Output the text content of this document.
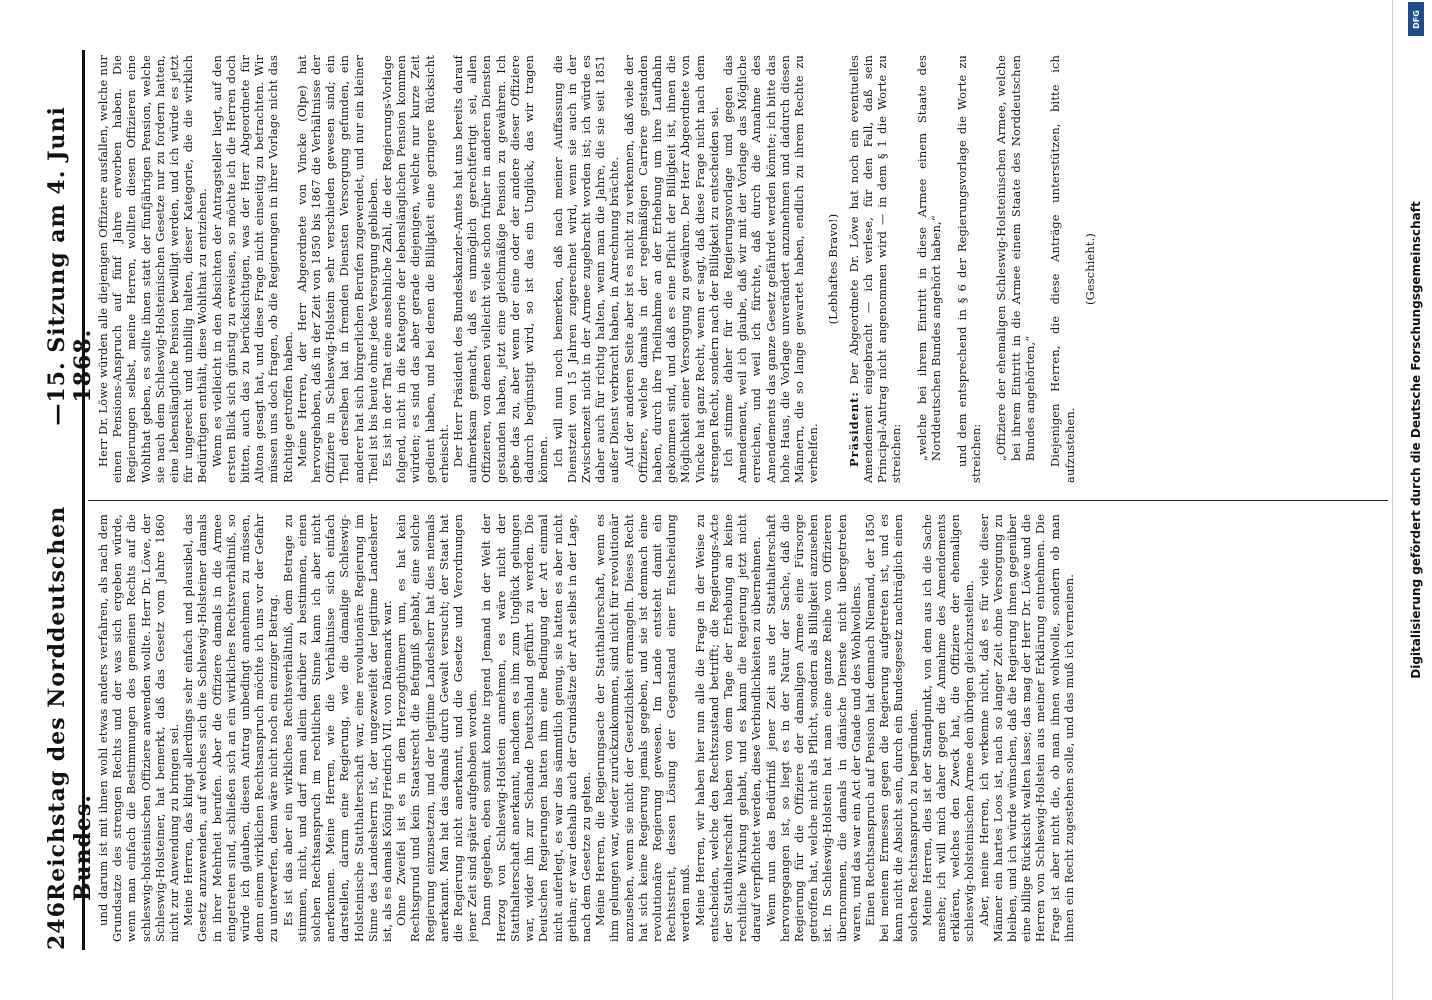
246
Reichstag des Norddeutschen Bundes.
—
15. Sitzung am 4. Juni 1868.

und darum ist mit ihnen wohl etwas anders verfahren, als nach dem Grundsatze des strengen Rechts und der was sich ergeben würde, wenn man einfach die Bestimmungen des gemeinen Rechts auf die schleswig-holsteinischen Offiziere anwenden wollte. Herr Dr. Löwe, der Schleswig-Holsteiner, hat bemerkt, daß das Gesetz vom Jahre 1860 nicht zur Anwendung zu bringen sei. Meine Herren, das klingt allerdings sehr einfach und plausibel, das Gesetz anzuwenden, auf welches sich die Schleswig-Holsteiner damals in ihrer Mehrheit berufen. Aber die Offiziere damals in die Armee eingetreten sind, schließen sich an ein wirkliches Rechtsverhältniß, so würde ich glauben, diesen Antrag unbedingt annehmen zu müssen, denn einem wirklichen Rechtsanspruch möchte ich uns vor der Gefahr zu unterwerfen, denn wäre nicht noch ein einziger Betrag. Es ist das aber ein wirkliches Rechtsverhältniß, dem Betrage zu stimmen, nicht, und darf man allein darüber zu bestimmen, einen solchen Rechtsanspruch im rechtlichen Sinne kann ich aber nicht anerkennen. Meine Herren, wie die Verhältnisse sich einfach darstellen, darum eine Regierung, wie die damalige Schleswig-Holsteinische Statthalterschaft war, eine revolutionäre Regierung im Sinne des Landesherrn ist, der ungezweifelt der legitime Landesherr ist, als es damals König Friedrich VII. von Dänemark war. Ohne Zweifel ist es in dem Herzogthümern um, es hat kein Rechtsgrund und kein Staatsrecht die Befugniß gehabt, eine solche Regierung einzusetzen, und der legitime Landesherr hat dies niemals anerkannt. Man hat das damals durch Gewalt versucht; der Staat hat die Regierung nicht anerkannt, und die Gesetze und Verordnungen jener Zeit sind später aufgehoben worden. Dann gegeben, eben somit konnte irgend Jemand in der Welt der Herzog von Schleswig-Holstein annehmen, es wäre nicht der Statthalterschaft anerkannt, nachdem es ihm zum Unglück gelungen war, wider ihn zur Schande Deutschland geführt zu werden. Die Deutschen Regierungen hatten ihm eine Bedingung der Art einmal nicht auferlegt, es war das sämmtlich genug, sie hatten es aber nicht gethan; er war deshalb auch der Grundsätze der Art selbst in der Lage, nach dem Gesetze zu gelten. Meine Herren, die Regierungsacte der Statthalterschaft, wenn es ihm gelungen war, wieder zurückzukommen, sind nicht für revolutionär anzusehen, wenn sie nicht der Gesetzlichkeit ermangeln. Dieses Recht hat sich keine Regierung jemals gegeben, und sie ist demnach eine revolutionäre Regierung gewesen. Im Lande entsteht damit ein Rechtsstreit, dessen Lösung der Gegenstand einer Entscheidung werden muß. Meine Herren, wir haben hier nun alle die Frage in der Weise zu entscheiden, welche den Rechtszustand betrifft; die Regierungs-Acte der Statthalterschaft haben von dem Tage der Erhebung an keine rechtliche Wirkung gehabt, und es kann die Regierung jetzt nicht darauf verpflichtet werden, diese Verbindlichkeiten zu übernehmen. Wenn nun das Bedürfniß jener Zeit aus der Statthalterschaft hervorgegangen ist, so liegt es in der Natur der Sache, daß die Regierung für die Offiziere der damaligen Armee eine Fürsorge getroffen hat, welche nicht als Pflicht, sondern als Billigkeit anzusehen ist. In Schleswig-Holstein hat man eine ganze Reihe von Offizieren übernommen, die damals in dänische Dienste nicht übergetreten waren, und das war ein Act der Gnade und des Wohlwollens. Einen Rechtsanspruch auf Pension hat demnach Niemand, der 1850 bei meinem Ermessen gegen die Regierung aufgetreten ist, und es kann nicht die Absicht sein, durch ein Bundesgesetz nachträglich einen solchen Rechtsanspruch zu begründen. Meine Herren, dies ist der Standpunkt, von dem aus ich die Sache ansehe; ich will mich daher gegen die Annahme des Amendements erklären, welches den Zweck hat, die Offiziere der ehemaligen schleswig-holsteinischen Armee den übrigen gleichzustellen. Aber, meine Herren, ich verkenne nicht, daß es für viele dieser Männer ein hartes Loos ist, nach so langer Zeit ohne Versorgung zu bleiben, und ich würde wünschen, daß die Regierung ihnen gegenüber eine billige Rücksicht walten lasse; das mag der Herr Dr. Löwe und die Herren von Schleswig-Holstein aus meiner Erklärung entnehmen. Die Frage ist aber nicht die, ob man ihnen wohlwolle, sondern ob man ihnen ein Recht zugestehen solle, und das muß ich verneinen.

Herr Dr. Löwe würden alle diejenigen Offiziere ausfallen, welche nur einen Pensions-Anspruch auf fünf Jahre erworben haben. Die Regierungen selbst, meine Herren, wollten diesen Offizieren eine Wohlthat geben, es sollte ihnen statt der fünfjährigen Pension, welche sie nach dem Schleswig-Holsteinischen Gesetze nur zu fordern hatten, eine lebenslängliche Pension bewilligt werden, und ich würde es jetzt für ungerecht und unbillig halten, dieser Kategorie, die die wirklich Bedürftigen enthält, diese Wohlthat zu entziehen. Wenn es vielleicht in den Absichten der Antragsteller liegt, auf den ersten Blick sich günstig zu erweisen, so möchte ich die Herren doch bitten, auch das zu berücksichtigen, was der Herr Abgeordnete für Altona gesagt hat, und diese Frage nicht einseitig zu betrachten. Wir müssen uns doch fragen, ob die Regierungen in ihrer Vorlage nicht das Richtige getroffen haben. Meine Herren, der Herr Abgeordnete von Vincke (Olpe) hat hervorgehoben, daß in der Zeit von 1850 bis 1867 die Verhältnisse der Offiziere in Schleswig-Holstein sehr verschieden gewesen sind; ein Theil derselben hat in fremden Diensten Versorgung gefunden, ein anderer hat sich bürgerlichen Berufen zugewendet, und nur ein kleiner Theil ist bis heute ohne jede Versorgung geblieben. Es ist in der That eine ansehnliche Zahl, die der Regierungs-Vorlage folgend, nicht in die Kategorie der lebenslänglichen Pension kommen würden; es sind das aber gerade diejenigen, welche nur kurze Zeit gedient haben, und bei denen die Billigkeit eine geringere Rücksicht erheischt. Der Herr Präsident des Bundeskanzler-Amtes hat uns bereits darauf aufmerksam gemacht, daß es unmöglich gerechtfertigt sei, allen Offizieren, von denen vielleicht viele schon früher in anderen Diensten gestanden haben, jetzt eine gleichmäßige Pension zu gewähren. Ich gebe das zu, aber wenn der eine oder der andere dieser Offiziere dadurch begünstigt wird, so ist das ein Unglück, das wir tragen können. Ich will nun noch bemerken, daß nach meiner Auffassung die Dienstzeit von 15 Jahren zugerechnet wird, wenn sie auch in der Zwischenzeit nicht in der Armee zugebracht worden ist; ich würde es daher auch für richtig halten, wenn man die Jahre, die sie seit 1851 außer Dienst verbracht haben, in Anrechnung brächte. Auf der anderen Seite aber ist es nicht zu verkennen, daß viele der Offiziere, welche damals in der regelmäßigen Carriere gestanden haben, durch ihre Theilnahme an der Erhebung um ihre Laufbahn gekommen sind, und daß es eine Pflicht der Billigkeit ist, ihnen die Möglichkeit einer Versorgung zu gewähren. Der Herr Abgeordnete von Vincke hat ganz Recht, wenn er sagt, daß diese Frage nicht nach dem strengen Recht, sondern nach der Billigkeit zu entscheiden sei. Ich stimme daher für die Regierungsvorlage und gegen das Amendement, weil ich glaube, daß wir mit der Vorlage das Mögliche erreichen, und weil ich fürchte, daß durch die Annahme des Amendements das ganze Gesetz gefährdet werden könnte; ich bitte das hohe Haus, die Vorlage unverändert anzunehmen und dadurch diesen Männern, die so lange gewartet haben, endlich zu ihrem Rechte zu verhelfen.

(Lebhaftes Bravo!)

Präsident: Der Abgeordnete Dr. Löwe hat noch ein eventuelles Amendement eingebracht — ich verlese, für den Fall, daß sein Principal-Antrag nicht angenommen wird — in dem § 1 die Worte zu streichen: „welche bei ihrem Eintritt in diese Armee einem Staate des Norddeutschen Bundes angehört haben,“ und dem entsprechend in § 6 der Regierungsvorlage die Worte zu streichen: „Offiziere der ehemaligen Schleswig-Holsteinischen Armee, welche bei ihrem Eintritt in die Armee einem Staate des Norddeutschen Bundes angehörten,“ Diejenigen Herren, die diese Anträge unterstützen, bitte ich aufzustehen.

(Geschieht.)

DFG
Digitalisierung gefördert durch die Deutsche Forschungsgemeinschaft
